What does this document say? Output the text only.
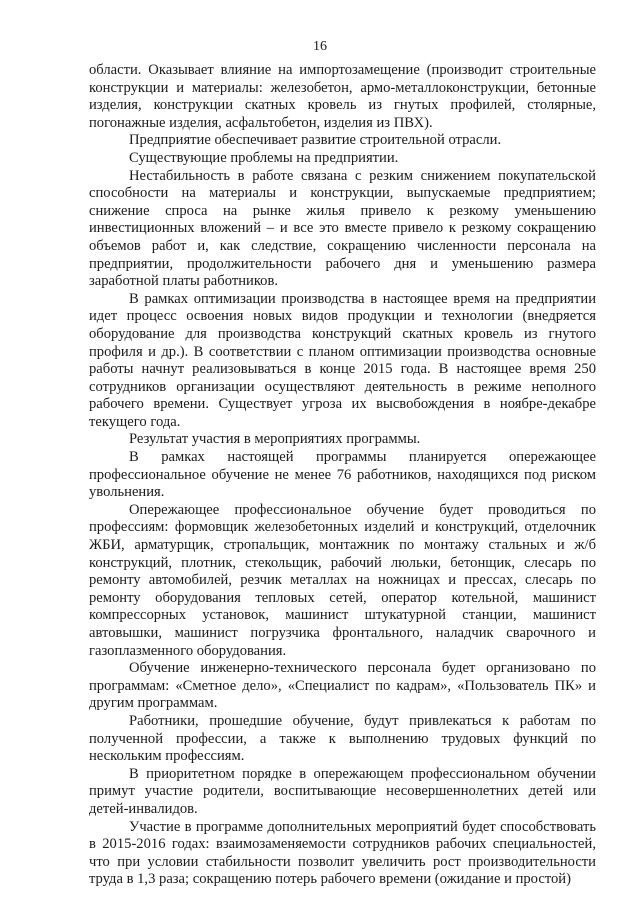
16

области. Оказывает влияние на импортозамещение (производит строительные конструкции и материалы: железобетон, армо-металлоконструкции, бетонные изделия, конструкции скатных кровель из гнутых профилей, столярные, погонажные изделия, асфальтобетон, изделия из ПВХ).

Предприятие обеспечивает развитие строительной отрасли.

Существующие проблемы на предприятии.

Нестабильность в работе связана с резким снижением покупательской способности на материалы и конструкции, выпускаемые предприятием; снижение спроса на рынке жилья привело к резкому уменьшению инвестиционных вложений – и все это вместе привело к резкому сокращению объемов работ и, как следствие, сокращению численности персонала на предприятии, продолжительности рабочего дня и уменьшению размера заработной платы работников.

В рамках оптимизации производства в настоящее время на предприятии идет процесс освоения новых видов продукции и технологии (внедряется оборудование для производства конструкций скатных кровель из гнутого профиля и др.). В соответствии с планом оптимизации производства основные работы начнут реализовываться в конце 2015 года. В настоящее время 250 сотрудников организации осуществляют деятельность в режиме неполного рабочего времени. Существует угроза их высвобождения в ноябре-декабре текущего года.

Результат участия в мероприятиях программы.

В рамках настоящей программы планируется опережающее профессиональное обучение не менее 76 работников, находящихся под риском увольнения.

Опережающее профессиональное обучение будет проводиться по профессиям: формовщик железобетонных изделий и конструкций, отделочник ЖБИ, арматурщик, стропальщик, монтажник по монтажу стальных и ж/б конструкций, плотник, стекольщик, рабочий люльки, бетонщик, слесарь по ремонту автомобилей, резчик металлах на ножницах и прессах, слесарь по ремонту оборудования тепловых сетей, оператор котельной, машинист компрессорных установок, машинист штукатурной станции, машинист автовышки, машинист погрузчика фронтального, наладчик сварочного и газоплазменного оборудования.

Обучение инженерно-технического персонала будет организовано по программам: «Сметное дело», «Специалист по кадрам», «Пользователь ПК» и другим программам.

Работники, прошедшие обучение, будут привлекаться к работам по полученной профессии, а также к выполнению трудовых функций по нескольким профессиям.

В приоритетном порядке в опережающем профессиональном обучении примут участие родители, воспитывающие несовершеннолетних детей или детей-инвалидов.

Участие в программе дополнительных мероприятий будет способствовать в 2015-2016 годах: взаимозаменяемости сотрудников рабочих специальностей, что при условии стабильности позволит увеличить рост производительности труда в 1,3 раза; сокращению потерь рабочего времени (ожидание и простой)
